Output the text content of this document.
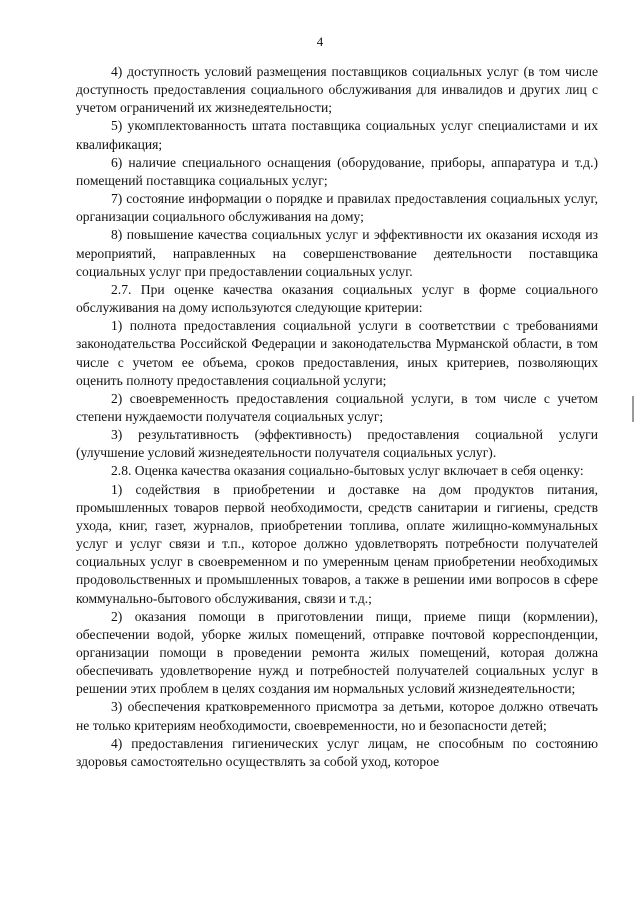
4

4) доступность условий размещения поставщиков социальных услуг (в том числе доступность предоставления социального обслуживания для инвалидов и других лиц с учетом ограничений их жизнедеятельности;

5) укомплектованность штата поставщика социальных услуг специалистами и их квалификация;

6) наличие специального оснащения (оборудование, приборы, аппаратура и т.д.) помещений поставщика социальных услуг;

7) состояние информации о порядке и правилах предоставления социальных услуг, организации социального обслуживания на дому;

8) повышение качества социальных услуг и эффективности их оказания исходя из мероприятий, направленных на совершенствование деятельности поставщика социальных услуг при предоставлении социальных услуг.

2.7. При оценке качества оказания социальных услуг в форме социального обслуживания на дому используются следующие критерии:

1) полнота предоставления социальной услуги в соответствии с требованиями законодательства Российской Федерации и законодательства Мурманской области, в том числе с учетом ее объема, сроков предоставления, иных критериев, позволяющих оценить полноту предоставления социальной услуги;

2) своевременность предоставления социальной услуги, в том числе с учетом степени нуждаемости получателя социальных услуг;

3) результативность (эффективность) предоставления социальной услуги (улучшение условий жизнедеятельности получателя социальных услуг).

2.8. Оценка качества оказания социально-бытовых услуг включает в себя оценку:

1) содействия в приобретении и доставке на дом продуктов питания, промышленных товаров первой необходимости, средств санитарии и гигиены, средств ухода, книг, газет, журналов, приобретении топлива, оплате жилищно-коммунальных услуг и услуг связи и т.п., которое должно удовлетворять потребности получателей социальных услуг в своевременном и по умеренным ценам приобретении необходимых продовольственных и промышленных товаров, а также в решении ими вопросов в сфере коммунально-бытового обслуживания, связи и т.д.;

2) оказания помощи в приготовлении пищи, приеме пищи (кормлении), обеспечении водой, уборке жилых помещений, отправке почтовой корреспонденции, организации помощи в проведении ремонта жилых помещений, которая должна обеспечивать удовлетворение нужд и потребностей получателей социальных услуг в решении этих проблем в целях создания им нормальных условий жизнедеятельности;

3) обеспечения кратковременного присмотра за детьми, которое должно отвечать не только критериям необходимости, своевременности, но и безопасности детей;

4) предоставления гигиенических услуг лицам, не способным по состоянию здоровья самостоятельно осуществлять за собой уход, которое
